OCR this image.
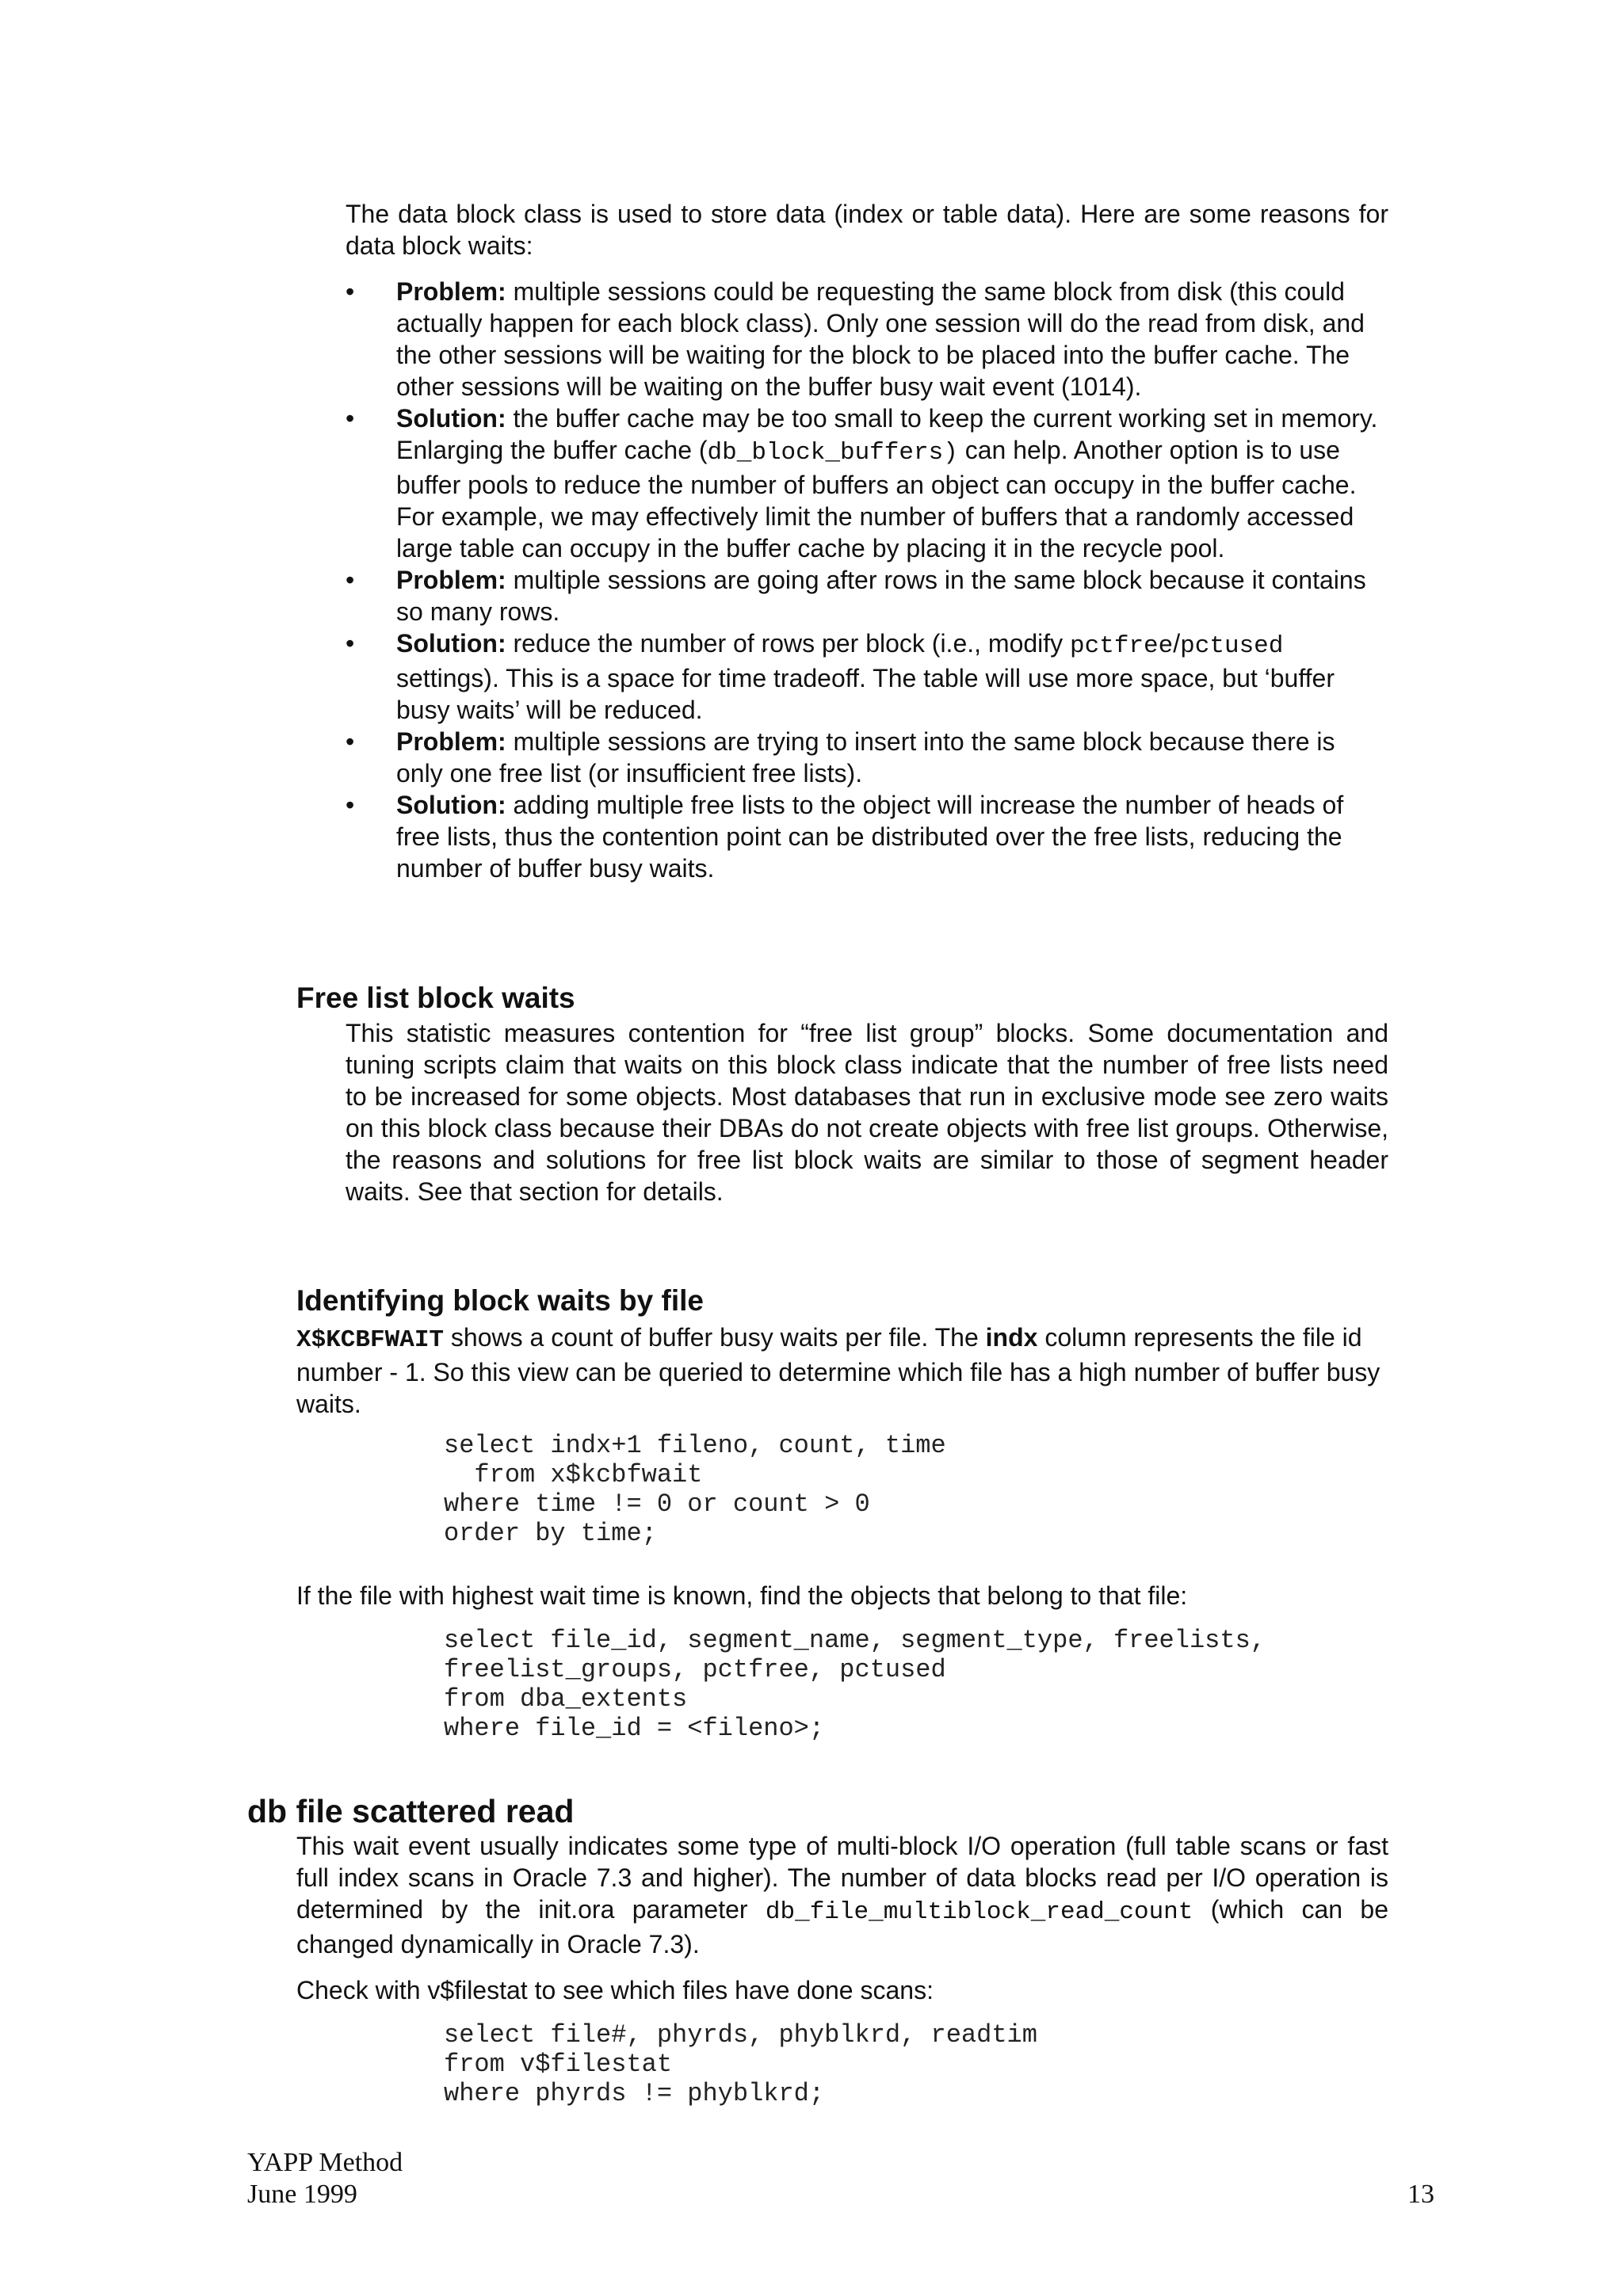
The data block class is used to store data (index or table data). Here are some reasons for data block waits:

• Problem: multiple sessions could be requesting the same block from disk (this could actually happen for each block class). Only one session will do the read from disk, and the other sessions will be waiting for the block to be placed into the buffer cache. The other sessions will be waiting on the buffer busy wait event (1014).
• Solution: the buffer cache may be too small to keep the current working set in memory. Enlarging the buffer cache (db_block_buffers) can help. Another option is to use buffer pools to reduce the number of buffers an object can occupy in the buffer cache. For example, we may effectively limit the number of buffers that a randomly accessed large table can occupy in the buffer cache by placing it in the recycle pool.
• Problem: multiple sessions are going after rows in the same block because it contains so many rows.
• Solution: reduce the number of rows per block (i.e., modify pctfree/pctused settings). This is a space for time tradeoff. The table will use more space, but ‘buffer busy waits’ will be reduced.
• Problem: multiple sessions are trying to insert into the same block because there is only one free list (or insufficient free lists).
• Solution: adding multiple free lists to the object will increase the number of heads of free lists, thus the contention point can be distributed over the free lists, reducing the number of buffer busy waits.
Free list block waits

This statistic measures contention for “free list group” blocks. Some documentation and tuning scripts claim that waits on this block class indicate that the number of free lists need to be increased for some objects. Most databases that run in exclusive mode see zero waits on this block class because their DBAs do not create objects with free list groups. Otherwise, the reasons and solutions for free list block waits are similar to those of segment header waits. See that section for details.

Identifying block waits by file

X$KCBFWAIT shows a count of buffer busy waits per file. The indx column represents the file id number - 1. So this view can be queried to determine which file has a high number of buffer busy waits.

select indx+1 fileno, count, time
from x$kcbfwait
where time != 0 or count > 0
order by time;

If the file with highest wait time is known, find the objects that belong to that file:

select file_id, segment_name, segment_type, freelists,
freelist_groups, pctfree, pctused
from dba_extents
where file_id = <fileno>;
db file scattered read

This wait event usually indicates some type of multi-block I/O operation (full table scans or fast full index scans in Oracle 7.3 and higher). The number of data blocks read per I/O operation is determined by the init.ora parameter db_file_multiblock_read_count (which can be changed dynamically in Oracle 7.3).

Check with v$filestat to see which files have done scans:

select file#, phyrds, phyblkrd, readtim
from v$filestat
where phyrds != phyblkrd;
YAPP Method
June 1999	13
